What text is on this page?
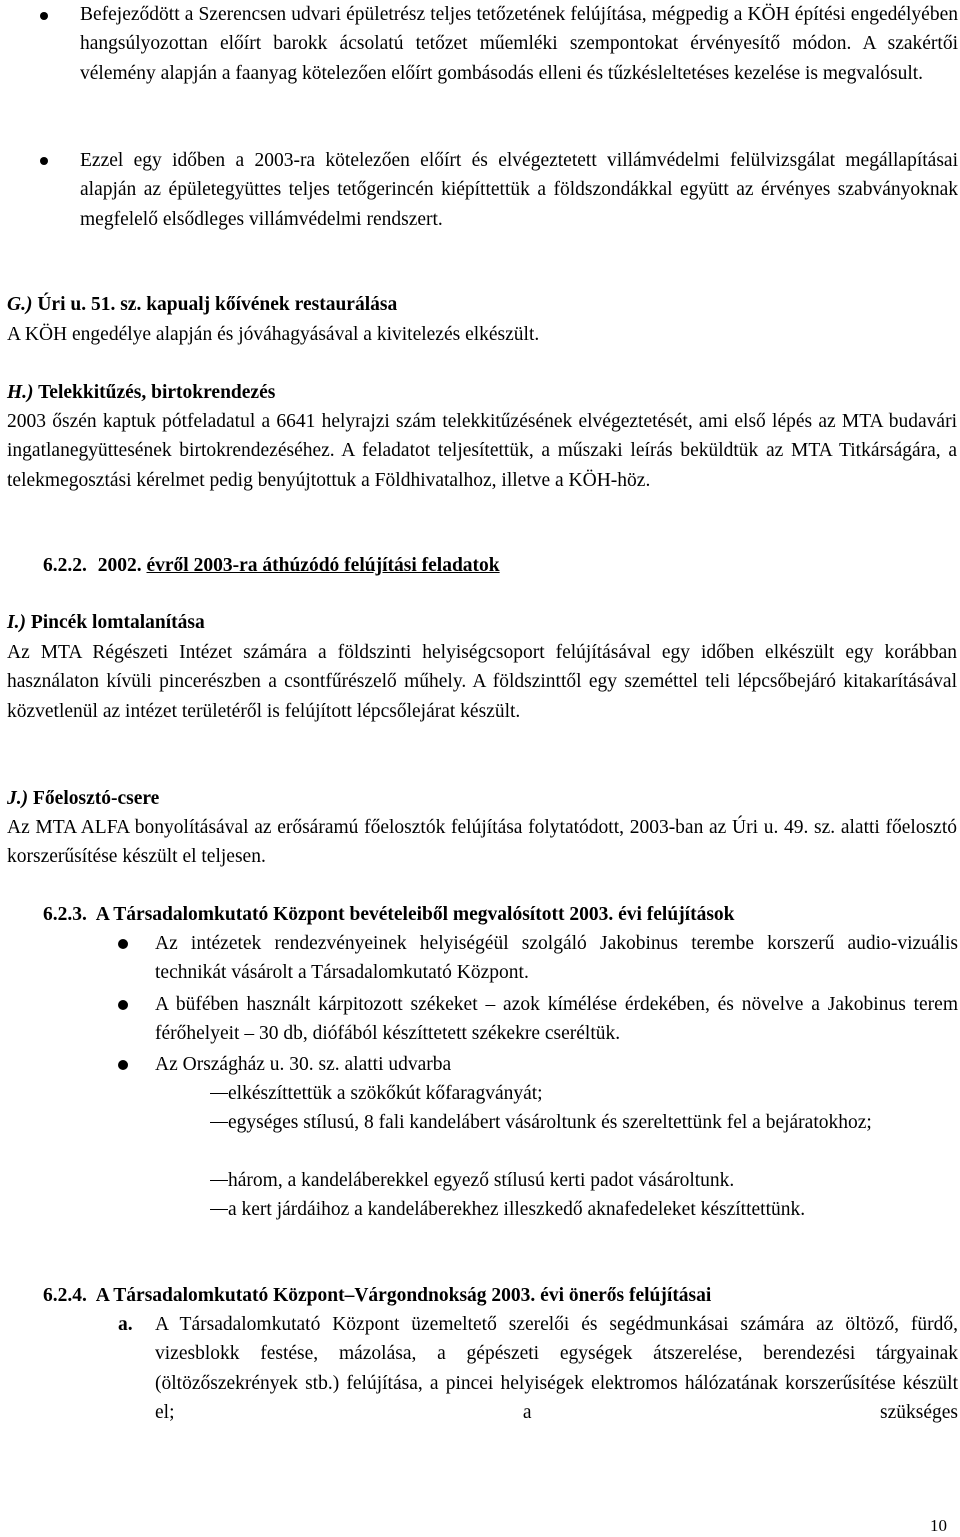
Befejeződött a Szerencsen udvari épületrész teljes tetőzetének felújítása, mégpedig a KÖH építési engedélyében hangsúlyozottan előírt barokk ácsolatú tetőzet műemléki szempontokat érvényesítő módon. A szakértői vélemény alapján a faanyag kötelezően előírt gombásodás elleni és tűzkésleltetéses kezelése is megvalósult.

Ezzel egy időben a 2003-ra kötelezően előírt és elvégeztetett villámvédelmi felülvizsgálat megállapításai alapján az épületegyüttes teljes tetőgerincén kiépíttettük a földszondákkal együtt az érvényes szabványoknak megfelelő elsődleges villámvédelmi rendszert.

G.) Úri u. 51. sz. kapualj kőívének restaurálása

A KÖH engedélye alapján és jóváhagyásával a kivitelezés elkészült.

H.) Telekkitűzés, birtokrendezés

2003 őszén kaptuk pótfeladatul a 6641 helyrajzi szám telekkitűzésének elvégeztetését, ami első lépés az MTA budavári ingatlanegyüttesének birtokrendezéséhez. A feladatot teljesítettük, a műszaki leírás beküldtük az MTA Titkárságára, a telekmegosztási kérelmet pedig benyújtottuk a Földhivatalhoz, illetve a KÖH-höz.

6.2.2. 2002. évről 2003-ra áthúzódó felújítási feladatok
I.) Pincék lomtalanítása

Az MTA Régészeti Intézet számára a földszinti helyiségcsoport felújításával egy időben elkészült egy korábban használaton kívüli pincerészben a csontfűrészelő műhely. A földszinttől egy szeméttel teli lépcsőbejáró kitakarításával közvetlenül az intézet területéről is felújított lépcsőlejárat készült.

J.) Főelosztó-csere

Az MTA ALFA bonyolításával az erősáramú főelosztók felújítása folytatódott, 2003-ban az Úri u. 49. sz. alatti főelosztó korszerűsítése készült el teljesen.

6.2.3. A Társadalomkutató Központ bevételeiből megvalósított 2003. évi felújítások

Az intézetek rendezvényeinek helyiségéül szolgáló Jakobinus terembe korszerű audio-vizuális technikát vásárolt a Társadalomkutató Központ.

A büfében használt kárpitozott székeket – azok kímélése érdekében, és növelve a Jakobinus terem férőhelyeit – 30 db, diófából készíttetett székekre cseréltük.

Az Országház u. 30. sz. alatti udvarba

elkészíttettük a szökőkút kőfaragványát;

egységes stílusú, 8 fali kandelábert vásároltunk és szereltettünk fel a bejáratokhoz;

három, a kandeláberekkel egyező stílusú kerti padot vásároltunk.

a kert járdáihoz a kandeláberekhez illeszkedő aknafedeleket készíttettünk.

6.2.4. A Társadalomkutató Központ–Várgondnokság 2003. évi önerős felújításai
a. A Társadalomkutató Központ üzemeltető szerelői és segédmunkásai számára az öltöző, fürdő, vizesblokk festése, mázolása, a gépészeti egységek átszerelése, berendezési tárgyainak (öltözőszekrények stb.) felújítása, a pincei helyiségek elektromos hálózatának korszerűsítése készült el; a szükséges

10
